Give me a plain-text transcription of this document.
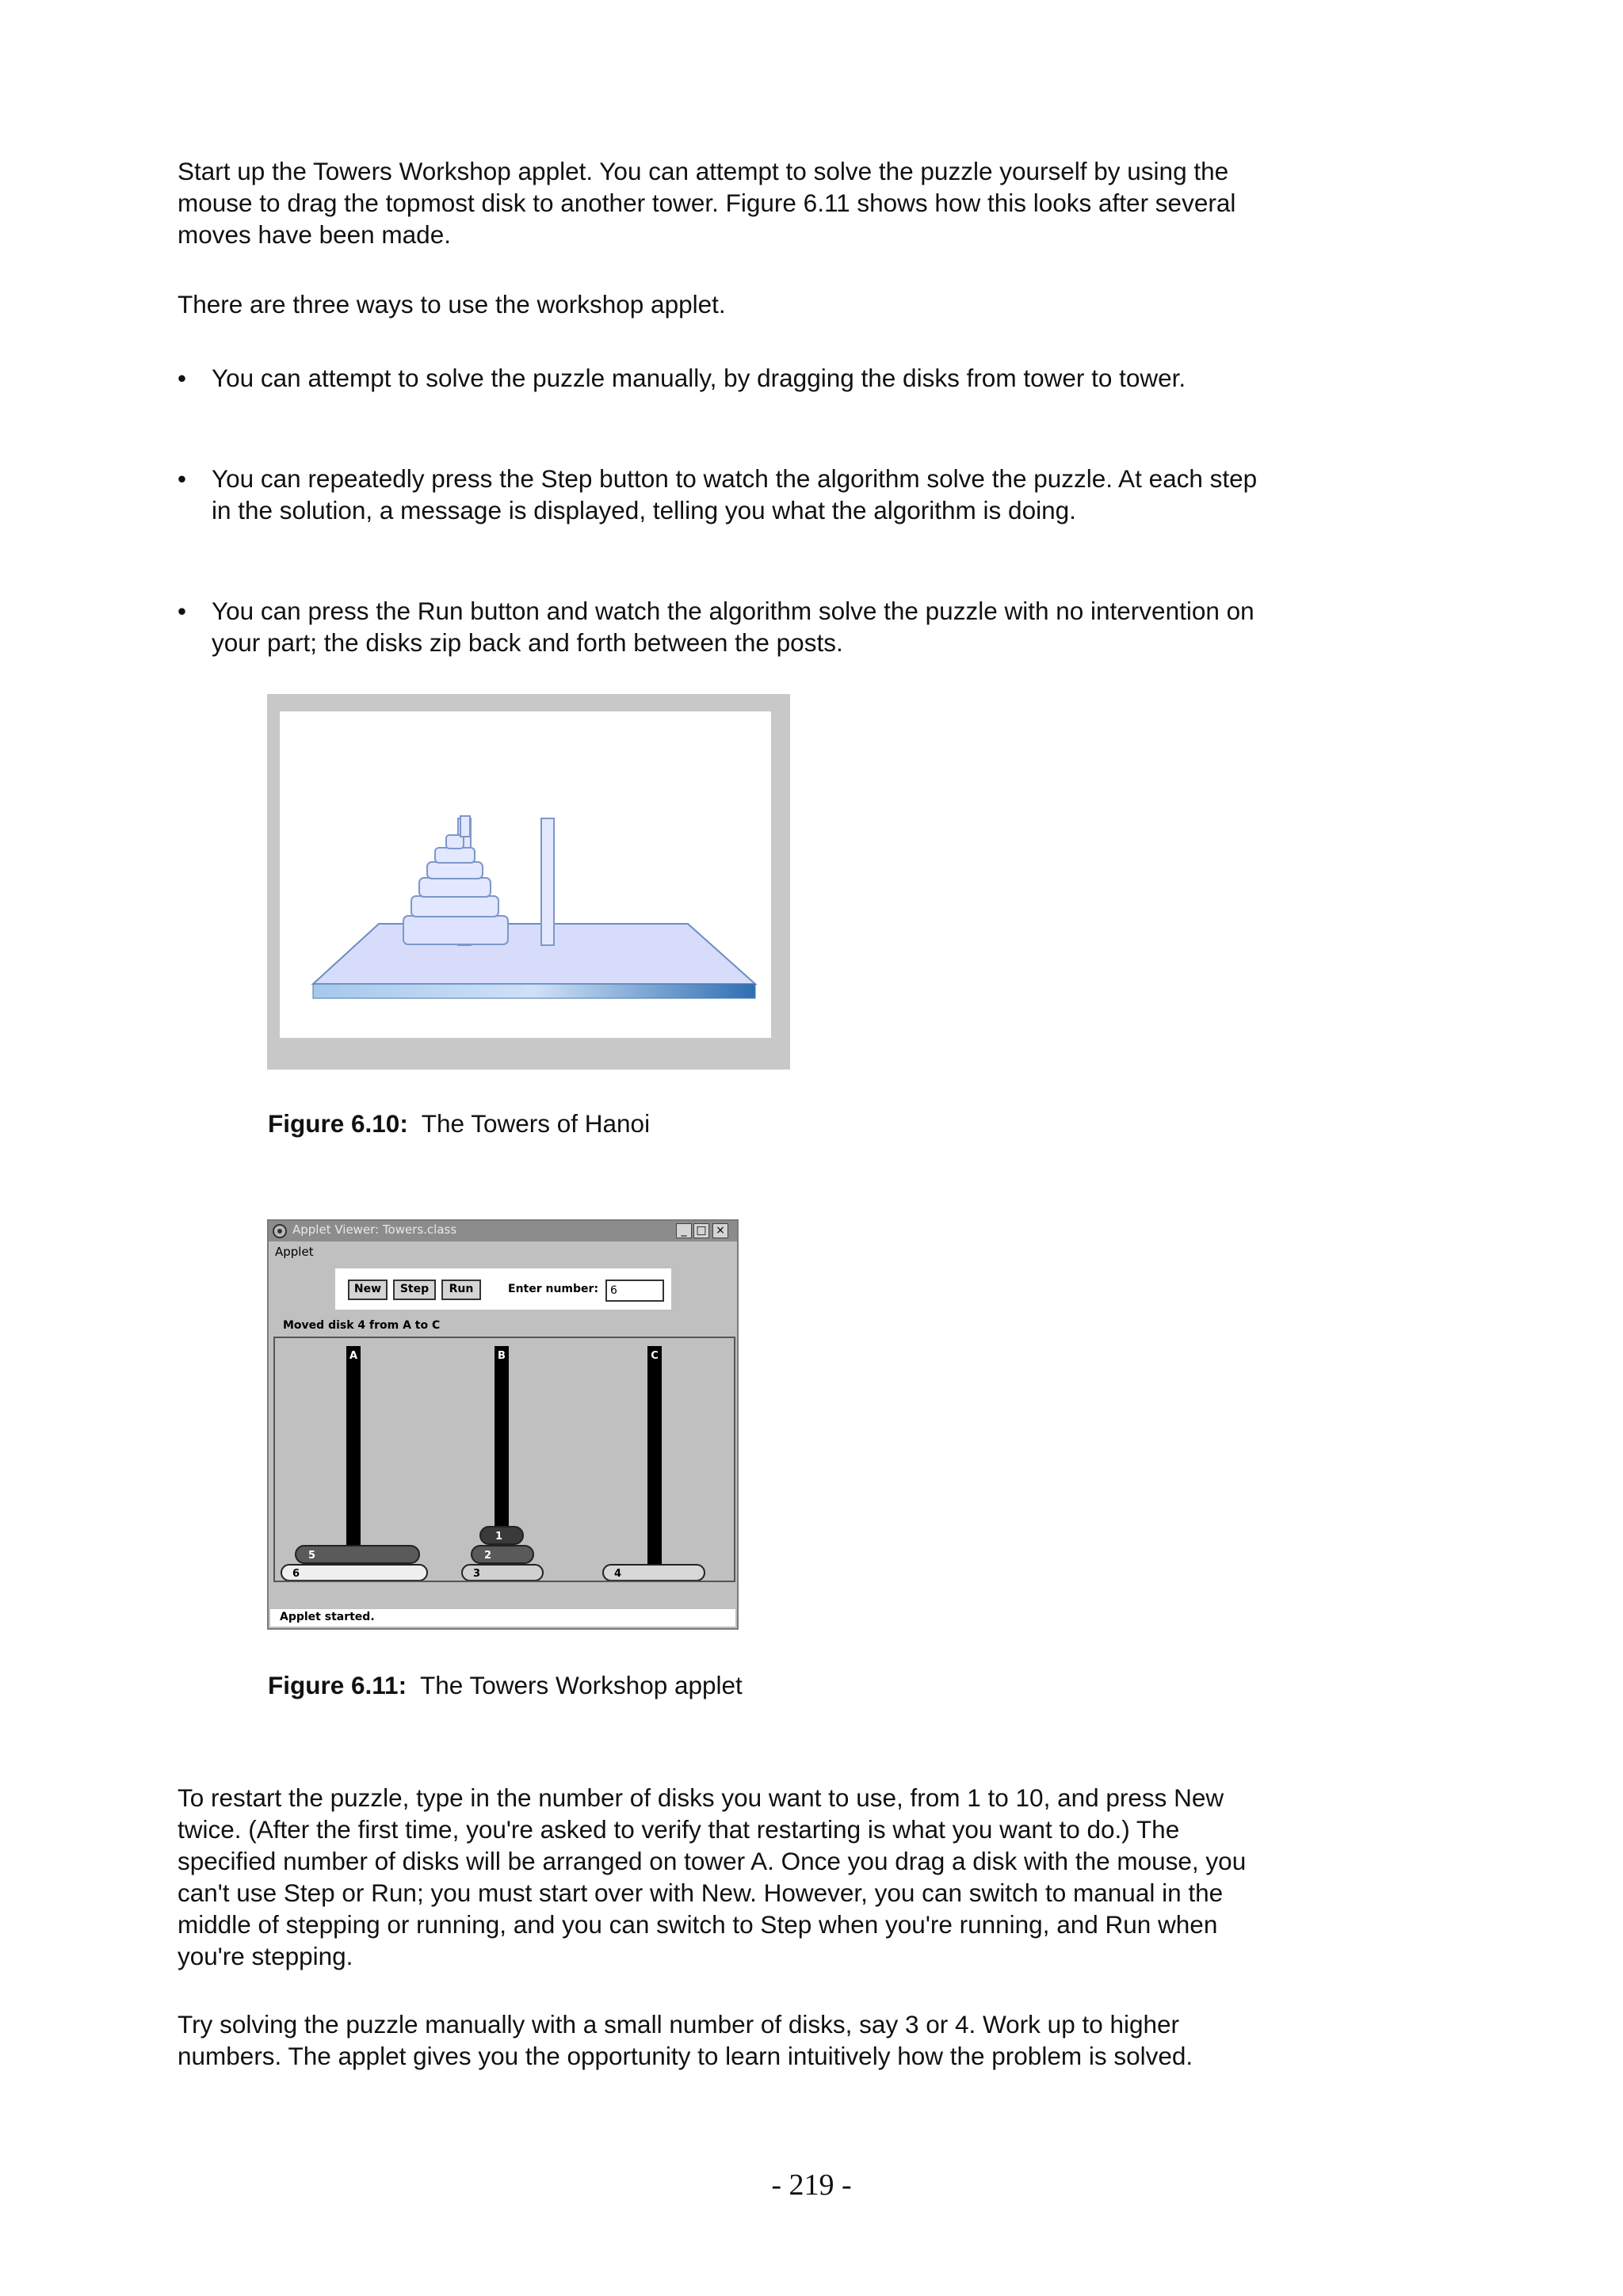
Start up the Towers Workshop applet. You can attempt to solve the puzzle yourself by using the mouse to drag the topmost disk to another tower. Figure 6.11 shows how this looks after several moves have been made.

There are three ways to use the workshop applet.

• You can attempt to solve the puzzle manually, by dragging the disks from tower to tower.
• You can repeatedly press the Step button to watch the algorithm solve the puzzle. At each step in the solution, a message is displayed, telling you what the algorithm is doing.
• You can press the Run button and watch the algorithm solve the puzzle with no intervention on your part; the disks zip back and forth between the posts.
Figure 6.10: The Towers of Hanoi
Applet Viewer: Towers.class	_ □ ×
Applet
New	Step	Run	Enter number:	6
Moved disk 4 from A to C
A	B	C
5
6
1
2
3	4
Applet started.
Figure 6.11: The Towers Workshop applet

To restart the puzzle, type in the number of disks you want to use, from 1 to 10, and press New twice. (After the first time, you're asked to verify that restarting is what you want to do.) The specified number of disks will be arranged on tower A. Once you drag a disk with the mouse, you can't use Step or Run; you must start over with New. However, you can switch to manual in the middle of stepping or running, and you can switch to Step when you're running, and Run when you're stepping.

Try solving the puzzle manually with a small number of disks, say 3 or 4. Work up to higher numbers. The applet gives you the opportunity to learn intuitively how the problem is solved.

- 219 -
